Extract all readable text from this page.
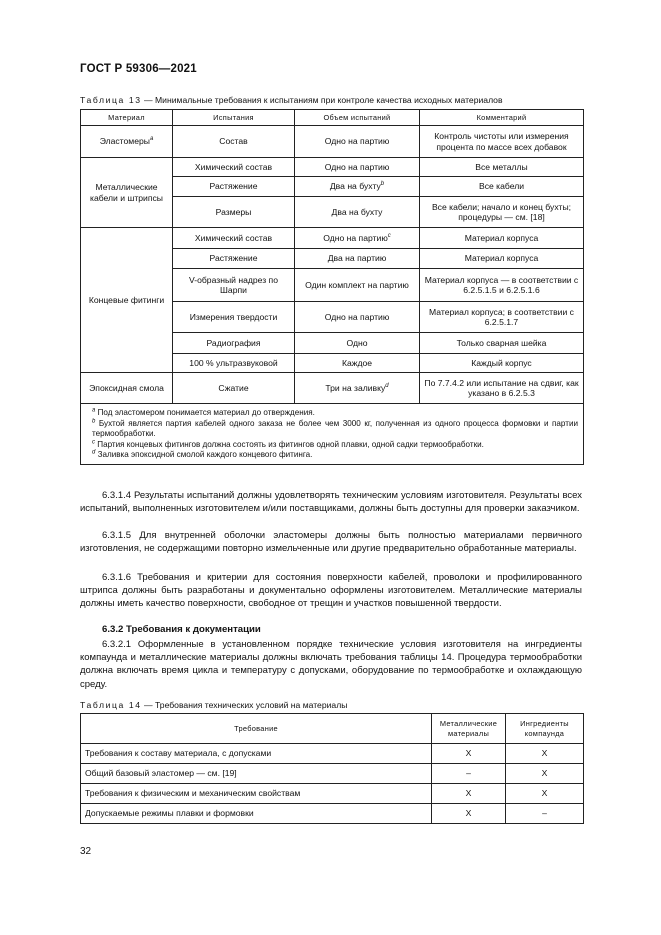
ГОСТ Р 59306—2021
Таблица 13 — Минимальные требования к испытаниям при контроле качества исходных материалов
Материал	Испытания	Объем испытаний	Комментарий
Эластомеры$^a$	Состав	Одно на партию	Контроль чистоты или измерения процента по массе всех добавок
Металлические кабели и штрипсы	Химический состав	Одно на партию	Все металлы
	Растяжение	Два на бухту$^b$	Все кабели
	Размеры	Два на бухту	Все кабели; начало и конец бухты; процедуры — см. [18]
Концевые фитинги	Химический состав	Одно на партию$^c$	Материал корпуса
	Растяжение	Два на партию	Материал корпуса
	V-образный надрез по Шарпи	Один комплект на партию	Материал корпуса — в соответствии с 6.2.5.1.5 и 6.2.5.1.6
	Измерения твердости	Одно на партию	Материал корпуса; в соответствии с 6.2.5.1.7
	Радиография	Одно	Только сварная шейка
	100 % ультразвуковой	Каждое	Каждый корпус
Эпоксидная смола	Сжатие	Три на заливку$^d$	По 7.7.4.2 или испытание на сдвиг, как указано в 6.2.5.3

$^a$ Под эластомером понимается материал до отверждения.
$^b$ Бухтой является партия кабелей одного заказа не более чем 3000 кг, полученная из одного процесса формовки и партии термообработки.
$^c$ Партия концевых фитингов должна состоять из фитингов одной плавки, одной садки термообработки.
$^d$ Заливка эпоксидной смолой каждого концевого фитинга.			
6.3.1.4 Результаты испытаний должны удовлетворять техническим условиям изготовителя. Результаты всех испытаний, выполненных изготовителем и/или поставщиками, должны быть доступны для проверки заказчиком.
6.3.1.5 Для внутренней оболочки эластомеры должны быть полностью материалами первичного изготовления, не содержащими повторно измельченные или другие предварительно обработанные материалы.
6.3.1.6 Требования и критерии для состояния поверхности кабелей, проволоки и профилированного штрипса должны быть разработаны и документально оформлены изготовителем. Металлические материалы должны иметь качество поверхности, свободное от трещин и участков повышенной твердости.
6.3.2 Требования к документации
6.3.2.1 Оформленные в установленном порядке технические условия изготовителя на ингредиенты компаунда и металлические материалы должны включать требования таблицы 14. Процедура термообработки должна включать время цикла и температуру с допусками, оборудование по термообработке и охлаждающую среду.
Таблица 14 — Требования технических условий на материалы
Требование	Металлические материалы	Ингредиенты компаунда
Требования к составу материала, с допусками	X	X
Общий базовый эластомер — см. [19]	–	X
Требования к физическим и механическим свойствам	X	X
Допускаемые режимы плавки и формовки	X	–
32
